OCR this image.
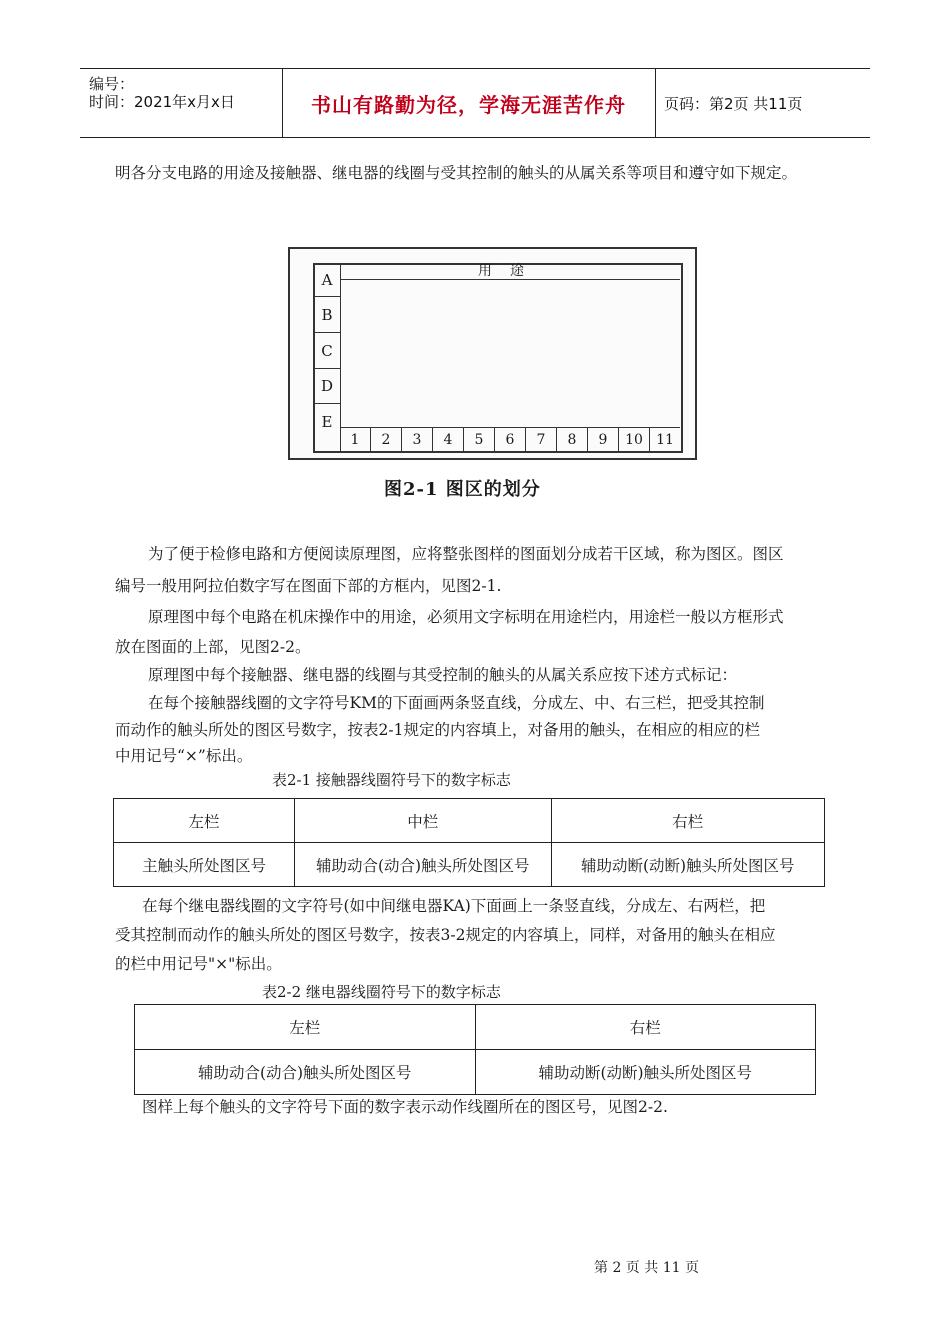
编号：
时间：2021年x月x日	书山有路勤为径，学海无涯苦作舟	页码：第2页 共11页
明各分支电路的用途及接触器、继电器的线圈与受其控制的触头的从属关系等项目和遵守如下规定。
用途
A
B
C
D
E
1	2	3	4	5	6	7	8	9	10 11
图2-1 图区的划分
为了便于检修电路和方便阅读原理图，应将整张图样的图面划分成若干区域，称为图区。图区
编号一般用阿拉伯数字写在图面下部的方框内，见图2-1.
原理图中每个电路在机床操作中的用途，必须用文字标明在用途栏内，用途栏一般以方框形式
放在图面的上部，见图2-2。
原理图中每个接触器、继电器的线圈与其受控制的触头的从属关系应按下述方式标记：
在每个接触器线圈的文字符号KM的下面画两条竖直线，分成左、中、右三栏，把受其控制
而动作的触头所处的图区号数字，按表2-1规定的内容填上，对备用的触头，在相应的相应的栏
中用记号“×”标出。
表2-1 接触器线圈符号下的数字标志
左栏	中栏	右栏
主触头所处图区号	辅助动合(动合)触头所处图区号	辅助动断(动断)触头所处图区号
在每个继电器线圈的文字符号(如中间继电器KA)下面画上一条竖直线，分成左、右两栏，把
受其控制而动作的触头所处的图区号数字，按表3-2规定的内容填上，同样，对备用的触头在相应
的栏中用记号"×"标出。
表2-2 继电器线圈符号下的数字标志
左栏	右栏
辅助动合(动合)触头所处图区号	辅助动断(动断)触头所处图区号
图样上每个触头的文字符号下面的数字表示动作线圈所在的图区号，见图2-2.
第 2 页 共 11 页
